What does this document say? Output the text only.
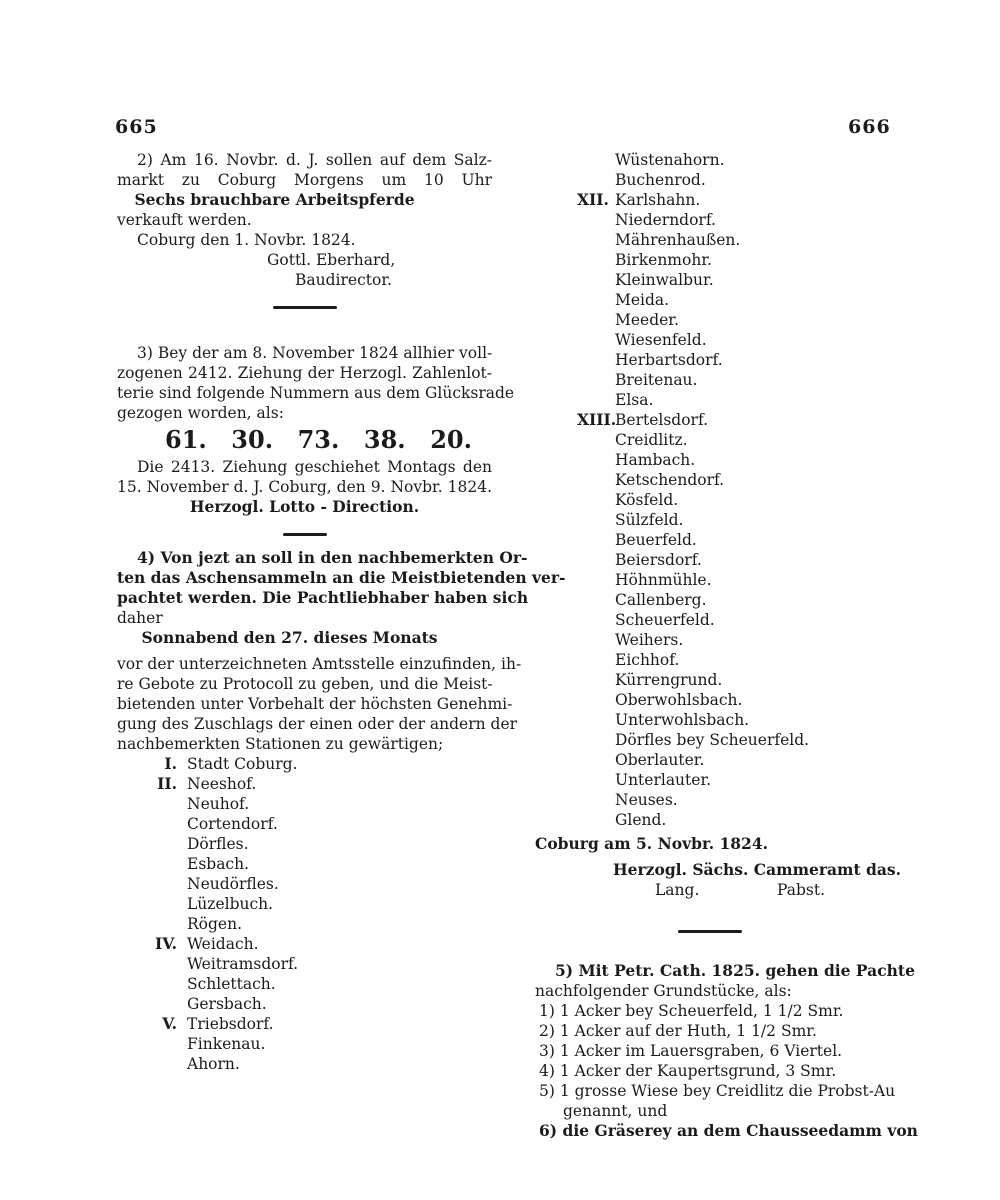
665	666
2) Am 16. Novbr. d. J. sollen auf dem Salz-
markt zu Coburg Morgens um 10 Uhr
Sechs brauchbare Arbeitspferde
verkauft werden.
Coburg den 1. Novbr. 1824.
Gottl. Eberhard,
Baudirector.
3) Bey der am 8. November 1824 allhier voll-
zogenen 2412. Ziehung der Herzogl. Zahlenlot-
terie sind folgende Nummern aus dem Glücksrade
gezogen worden, als:
61. 30. 73. 38. 20.
Die 2413. Ziehung geschiehet Montags den
15. November d. J. Coburg, den 9. Novbr. 1824.
Herzogl. Lotto - Direction.
4) Von jezt an soll in den nachbemerkten Or-
ten das Aschensammeln an die Meistbietenden ver-
pachtet werden. Die Pachtliebhaber haben sich
daher
Sonnabend den 27. dieses Monats
vor der unterzeichneten Amtsstelle einzufinden, ih-
re Gebote zu Protocoll zu geben, und die Meist-
bietenden unter Vorbehalt der höchsten Genehmi-
gung des Zuschlags der einen oder der andern der
nachbemerkten Stationen zu gewärtigen;
I. Stadt Coburg.
II. Neeshof.
Neuhof.
Cortendorf.
Dörfles.
Esbach.
Neudörfles.
Lüzelbuch.
Rögen.
IV. Weidach.
Weitramsdorf.
Schlettach.
Gersbach.
V. Triebsdorf.
Finkenau.
Ahorn.
Wüstenahorn.
Buchenrod.
XII. Karlshahn.
Niederndorf.
Mährenhaußen.
Birkenmohr.
Kleinwalbur.
Meida.
Meeder.
Wiesenfeld.
Herbartsdorf.
Breitenau.
Elsa.
XIII.
Bertelsdorf.
Creidlitz.
Hambach.
Ketschendorf.
Kösfeld.
Sülzfeld.
Beuerfeld.
Beiersdorf.
Höhnmühle.
Callenberg.
Scheuerfeld.
Weihers.
Eichhof.
Kürrengrund.
Oberwohlsbach.
Unterwohlsbach.
Dörfles bey Scheuerfeld.
Oberlauter.
Unterlauter.
Neuses.
Glend.
Coburg am 5. Novbr. 1824.
Herzogl. Sächs. Cammeramt das.
Lang.	Pabst.
5) Mit Petr. Cath. 1825. gehen die Pachte
nachfolgender Grundstücke, als:
1) 1 Acker bey Scheuerfeld, 1 1/2 Smr.
2) 1 Acker auf der Huth, 1 1/2 Smr.
3) 1 Acker im Lauersgraben, 6 Viertel.
4) 1 Acker der Kaupertsgrund, 3 Smr.
5) 1 grosse Wiese bey Creidlitz die Probst-Au
genannt, und
6) die Gräserey an dem Chausseedamm von
